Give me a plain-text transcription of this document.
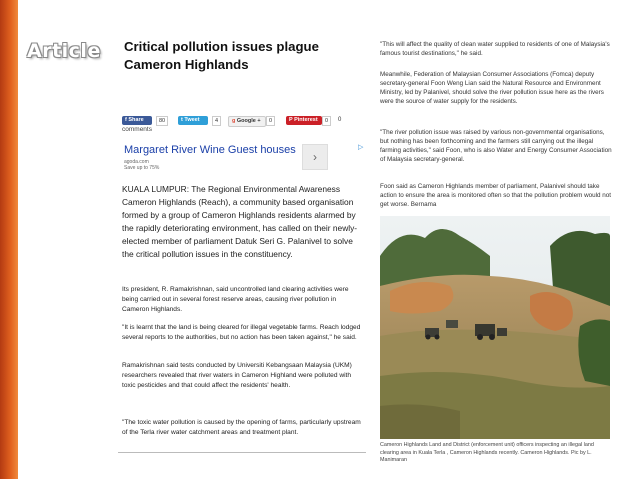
Article Critical pollution issues plague Cameron Highlands
f Share	80	t Tweet	4	g Google +	0	P Pinterest	0	0
comments
Margaret River Wine Guest houses
agoda.com
Save up to 75%
›
▷
KUALA LUMPUR: The Regional Environmental Awareness Cameron Highlands (Reach), a community based organisation formed by a group of Cameron Highlands residents alarmed by the rapidly deteriorating environment, has called on their newly-elected member of parliament Datuk Seri G. Palanivel to solve the critical pollution issues in the constituency.

Its president, R. Ramakrishnan, said uncontrolled land clearing activities were being carried out in several forest reserve areas, causing river pollution in Cameron Highlands.

"It is learnt that the land is being cleared for illegal vegetable farms. Reach lodged several reports to the authorities, but no action has been taken against," he said.

Ramakrishnan said tests conducted by Universiti Kebangsaan Malaysia (UKM) researchers revealed that river waters in Cameron Highland were polluted with toxic pesticides and that could affect the residents' health.

"The toxic water pollution is caused by the opening of farms, particularly upstream of the Terla river water catchment areas and treatment plant.

"This will affect the quality of clean water supplied to residents of one of Malaysia's famous tourist destinations," he said.

Meanwhile, Federation of Malaysian Consumer Associations (Fomca) deputy secretary-general Foon Weng Lian said the Natural Resource and Environment Ministry, led by Palanivel, should solve the river pollution issue here as the rivers were the source of water supply for the residents.

"The river pollution issue was raised by various non-governmental organisations, but nothing has been forthcoming and the farmers still carrying out the illegal farming activities," said Foon, who is also Water and Energy Consumer Association of Malaysia secretary-general.

Foon said as Cameron Highlands member of parliament, Palanivel should take action to ensure the area is monitored often so that the pollution problem would not get worse. Bernama

Cameron Highlands Land and District (enforcement unit) officers inspecting an illegal land clearing area in Kuala Terla , Cameron Highlands recently. Cameron Highlands. Pic by L. Manimaran
